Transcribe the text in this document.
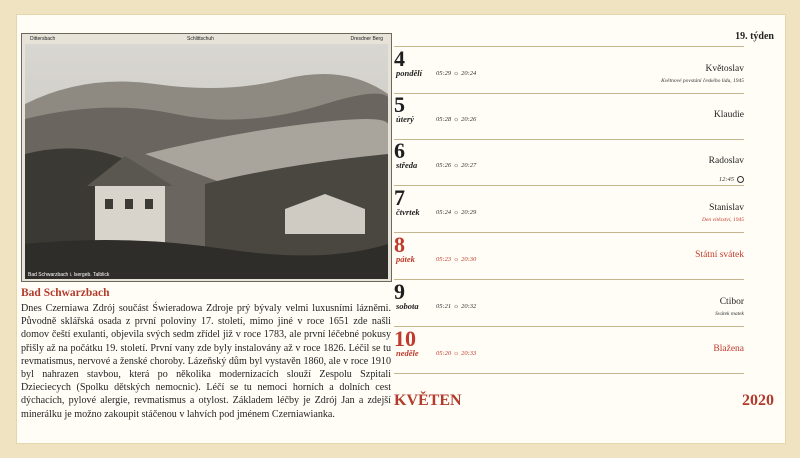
Dittersbach	Schlittschuh	Dresdner Berg
Bad Schwarzbach i. Isergeb. Talblick
Bad Schwarzbach

Dnes Czerniawa Zdrój součást Świeradowa Zdroje prý bývaly velmi luxusními lázněmi. Původně sklářská osada z první poloviny 17. století, mimo jiné v roce 1651 zde našli domov čeští exulanti, objevila svých sedm zřídel již v roce 1783, ale první léčebné pokusy přišly až na počátku 19. století. První vany zde byly instalovány až v roce 1826. Léčil se tu revmatismus, nervové a ženské choroby. Lázeňský dům byl vystavěn 1860, ale v roce 1910 byl nahrazen stavbou, která po několika modernizacích slouží Zespolu Szpitali Dzieciecych (Spolku dětských nemocnic). Léčí se tu nemoci horních a dolních cest dýchacích, pylové alergie, revmatismus a otylost. Základem léčby je Zdrój Jan a zdejší minerálku je možno zakoupit stáčenou v lahvích pod jménem Czerniawianka.

19. týden
4
pondělí 05:29 ☼ 20:24	Květoslav
Květnové povstání českého lidu, 1945
5
úterý	05:28 ☼ 20:26	Klaudie
6
středa	05:26 ☼ 20:27	Radoslav
12:45
7
čtvrtek	05:24 ☼ 20:29	Stanislav
Den vítězství, 1945
8
pátek	05:23 ☼ 20:30	Státní svátek
9
sobota	05:21 ☼ 20:32	Ctibor
Svátek matek
10
neděle	05:20 ☼ 20:33	Blažena
KVĚTEN	2020
